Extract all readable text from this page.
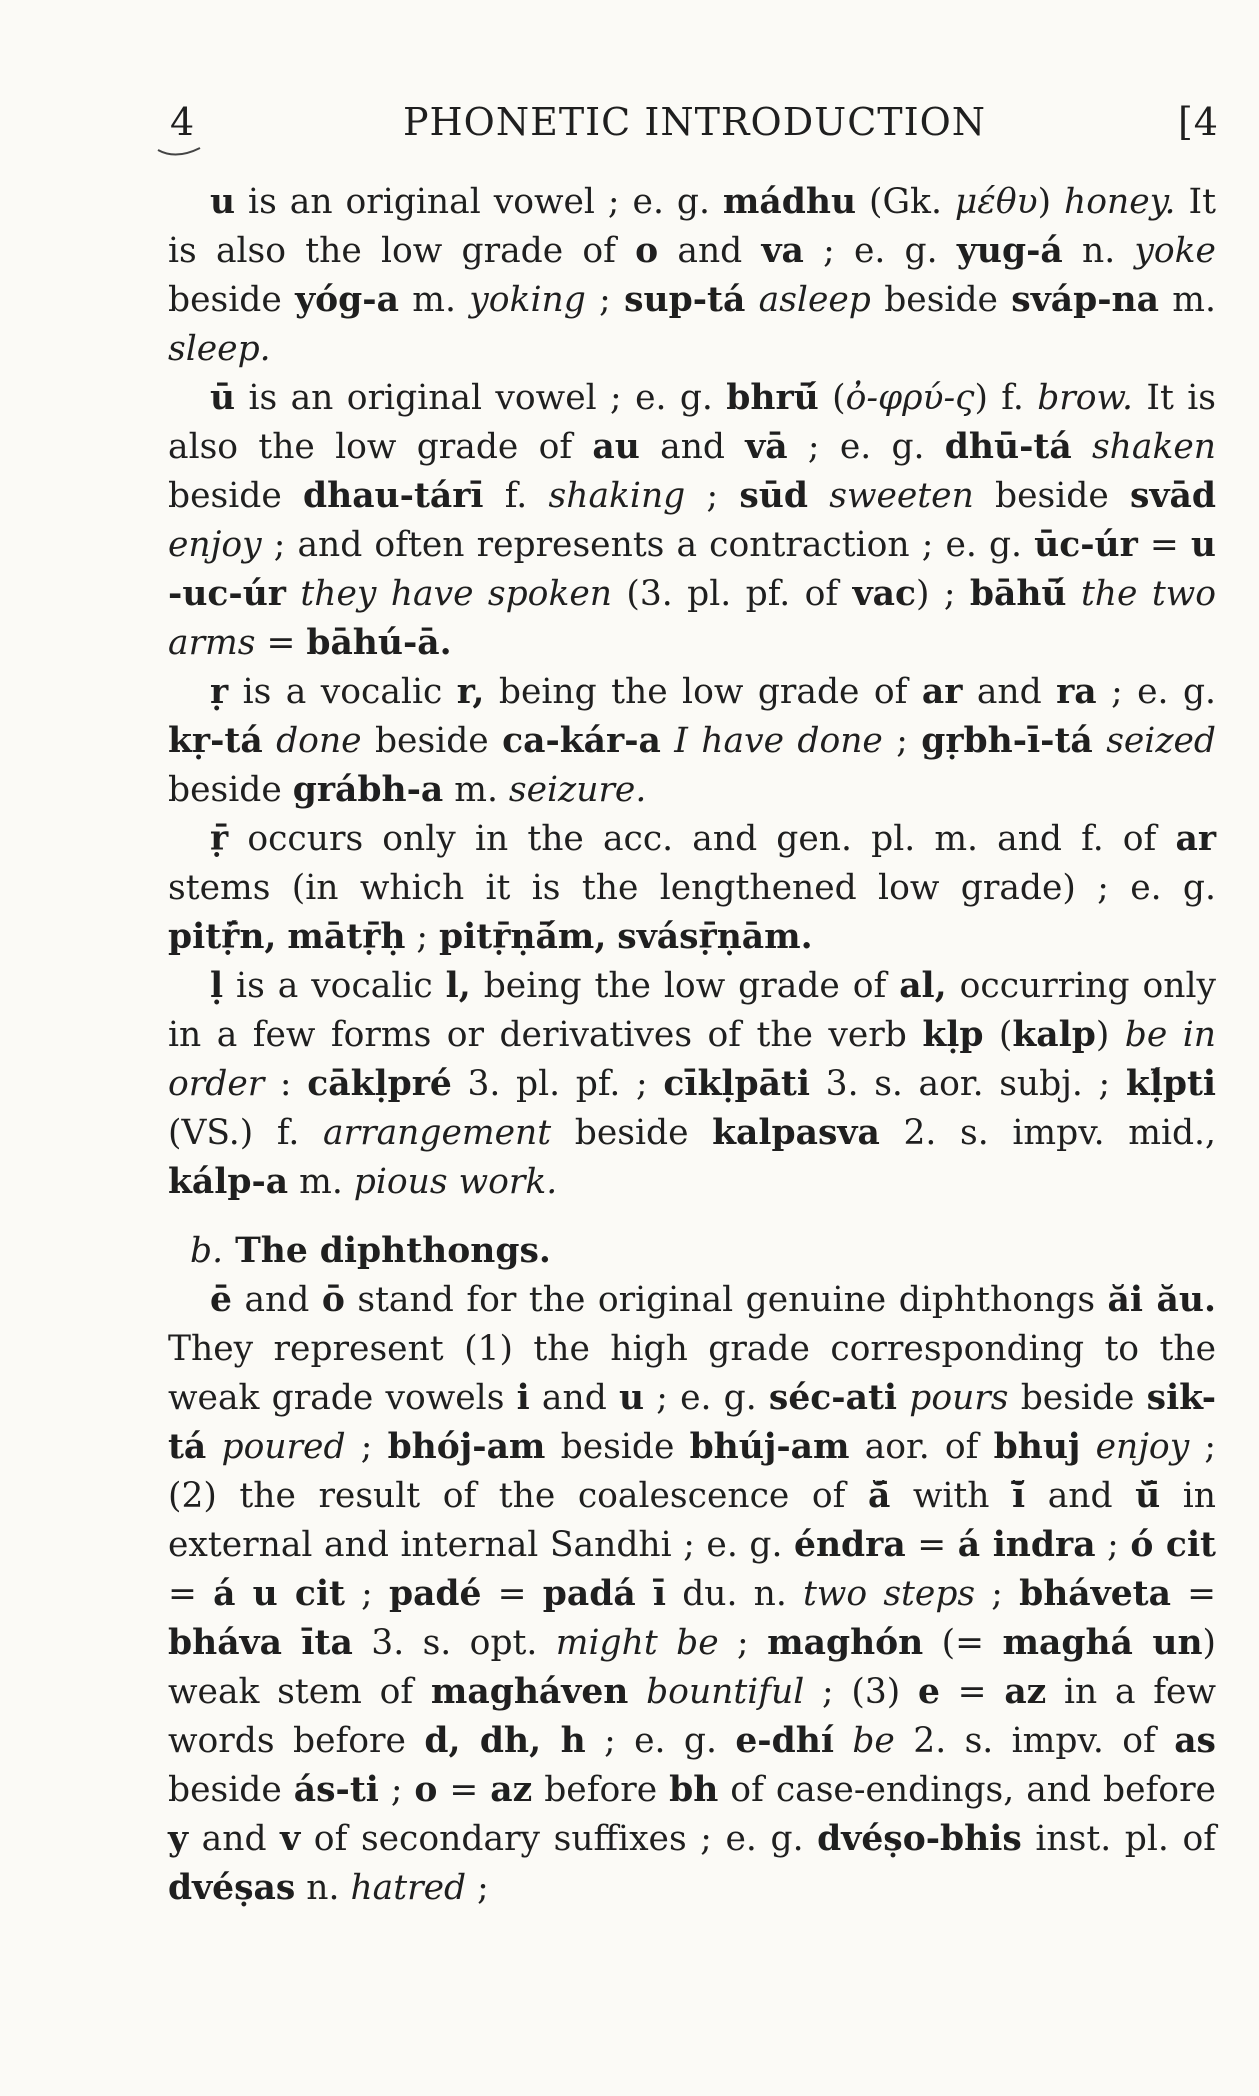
4	PHONETIC INTRODUCTION	[4

u is an original vowel ; e. g. mádhu (Gk. μέθυ) honey. It is also the low grade of o and va ; e. g. yug-á n. yoke beside yóg-a m. yoking ; sup-tá asleep beside sváp-na m. sleep.

ū is an original vowel ; e. g. bhrū́ (ὀ-φρύ-ς) f. brow. It is also the low grade of au and vā ; e. g. dhū-tá shaken beside dhau-tárī f. shaking ; sūd sweeten beside svād enjoy ; and often represents a contraction ; e. g. ūc-úr = u -uc-úr they have spoken (3. pl. pf. of vac) ; bāhū́ the two arms = bāhú-ā.

ṛ is a vocalic r, being the low grade of ar and ra ; e. g. kṛ-tá done beside ca-kár-a I have done ; gṛbh-ī-tá seized beside grábh-a m. seizure.

ṝ occurs only in the acc. and gen. pl. m. and f. of ar stems (in which it is the lengthened low grade) ; e. g. pitṝ́n, mātṝḥ ; pitṝṇā́m, svásṝṇām.

ḷ is a vocalic l, being the low grade of al, occurring only in a few forms or derivatives of the verb kḷp (kalp) be in order : cākḷpré 3. pl. pf. ; cīkḷpāti 3. s. aor. subj. ; kḷ́pti (VS.) f. arrangement beside kalpasva 2. s. impv. mid., kálp-a m. pious work.

b. The diphthongs.

ē and ō stand for the original genuine diphthongs ăi ău. They represent (1) the high grade corresponding to the weak grade vowels i and u ; e. g. séc-ati pours beside sik-tá poured ; bhój-am beside bhúj-am aor. of bhuj enjoy ; (2) the result of the coalescence of ă̄ with ĭ̄ and ŭ̄ in external and internal Sandhi ; e. g. éndra = á indra ; ó cit = á u cit ; padé = padá ī du. n. two steps ; bháveta = bháva īta 3. s. opt. might be ; maghón (= maghá un) weak stem of magháven bountiful ; (3) e = az in a few words before d, dh, h ; e. g. e-dhí be 2. s. impv. of as beside ás-ti ; o = az before bh of case-endings, and before y and v of secondary suffixes ; e. g. dvéṣo-bhis inst. pl. of dvéṣas n. hatred ;
